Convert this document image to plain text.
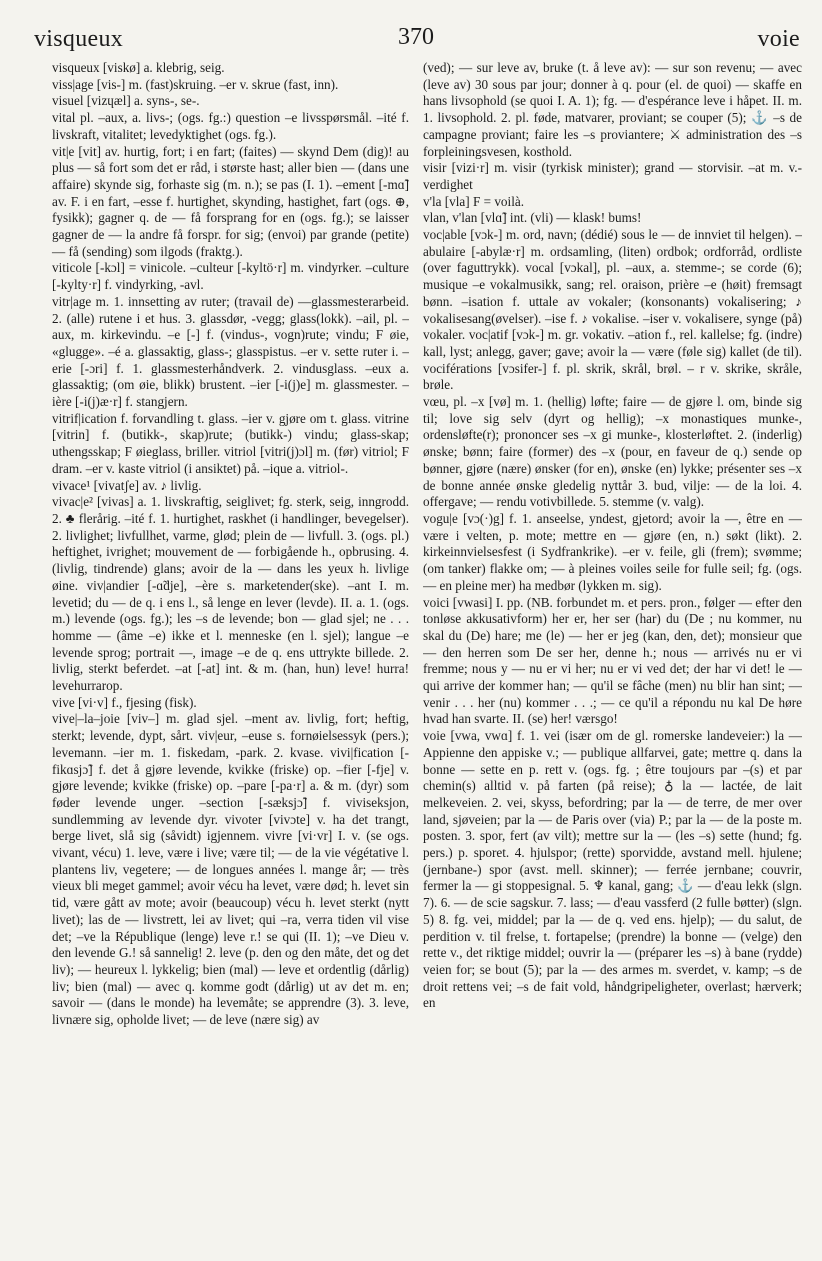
visqueux	370	voie

visqueux [viskø] a. klebrig, seig.

viss|age [vis-] m. (fast)skruing. –er v. skrue (fast, inn).

visuel [vizɥæl] a. syns-, se-.

vital pl. –aux, a. livs-; (ogs. fg.:) question –e livsspørsmål. –ité f. livskraft, vitalitet; levedyktighet (ogs. fg.).

vit|e [vit] av. hurtig, fort; i en fart; (faites) — skynd Dem (dig)! au plus — så fort som det er råd, i største hast; aller bien — (dans une affaire) skynde sig, forhaste sig (m. n.); se pas (I. 1). –ement [-mɑ̃] av. F. i en fart, –esse f. hurtighet, skynding, hastighet, fart (ogs. ⊕, fysikk); gagner q. de — få forsprang for en (ogs. fg.); se laisser gagner de — la andre få forspr. for sig; (envoi) par grande (petite) — få (sending) som ilgods (fraktg.).

viticole [-kɔl] = vinicole. –culteur [-kyltö·r] m. vindyrker. –culture [-kylty·r] f. vindyrking, -avl.

vitr|age m. 1. innsetting av ruter; (travail de) —glassmesterarbeid. 2. (alle) rutene i et hus. 3. glassdør, -vegg; glass(lokk). –ail, pl. –aux, m. kirkevindu. –e [-] f. (vindus-, vogn)rute; vindu; F øie, «glugge». –é a. glassaktig, glass-; glasspistus. –er v. sette ruter i. –erie [-ɔri] f. 1. glassmesterhåndverk. 2. vindusglass. –eux a. glassaktig; (om øie, blikk) brustent. –ier [-i(j)e] m. glassmester. –ière [-i(j)æ·r] f. stangjern.

vitrif|ication f. forvandling t. glass. –ier v. gjøre om t. glass. vitrine [vitrin] f. (butikk-, skap)rute; (butikk-) vindu; glass-skap; uthengsskap; F øieglass, briller. vitriol [vitri(j)ɔl] m. (før) vitriol; F dram. –er v. kaste vitriol (i ansiktet) på. –ique a. vitriol-.

vivace¹ [vivatʃe] av. ♪ livlig.

vivac|e² [vivas] a. 1. livskraftig, seiglivet; fg. sterk, seig, inngrodd. 2. ♣ flerårig. –ité f. 1. hurtighet, raskhet (i handlinger, bevegelser). 2. livlighet; livfullhet, varme, glød; plein de — livfull. 3. (ogs. pl.) heftighet, ivrighet; mouvement de — forbigående h., opbrusing. 4. (livlig, tindrende) glans; avoir de la — dans les yeux h. livlige øine. viv|andier [-ɑ̃dje], –ère s. marketender(ske). –ant I. m. levetid; du — de q. i ens l., så lenge en lever (levde). II. a. 1. (ogs. m.) levende (ogs. fg.); les –s de levende; bon — glad sjel; ne . . . homme — (âme –e) ikke et l. menneske (en l. sjel); langue –e levende sprog; portrait —, image –e de q. ens uttrykte billede. 2. livlig, sterkt beferdet. –at [-at] int. & m. (han, hun) leve! hurra! levehurrarop.

vive [vi·v] f., fjesing (fisk).

vive|–la–joie [viv–] m. glad sjel. –ment av. livlig, fort; heftig, sterkt; levende, dypt, sårt. viv|eur, –euse s. fornøielsessyk (pers.); levemann. –ier m. 1. fiskedam, -park. 2. kvase. vivi|fication [-fikɑsjɔ̃] f. det å gjøre levende, kvikke (friske) op. –fier [-fje] v. gjøre levende; kvikke (friske) op. –pare [-pa·r] a. & m. (dyr) som føder levende unger. –section [-sæksjɔ̃] f. viviseksjon, sundlemming av levende dyr. vivoter [vivɔte] v. ha det trangt, berge livet, slå sig (såvidt) igjennem. vivre [vi·vr] I. v. (se ogs. vivant, vécu) 1. leve, være i live; være til; — de la vie végétative l. plantens liv, vegetere; — de longues années l. mange år; — très vieux bli meget gammel; avoir vécu ha levet, være død; h. levet sin tid, være gått av mote; avoir (beaucoup) vécu h. levet sterkt (nytt livet); las de — livstrett, lei av livet; qui –ra, verra tiden vil vise det; –ve la République (lenge) leve r.! se qui (II. 1); –ve Dieu v. den levende G.! så sannelig! 2. leve (p. den og den måte, det og det liv); — heureux l. lykkelig; bien (mal) — leve et ordentlig (dårlig) liv; bien (mal) — avec q. komme godt (dårlig) ut av det m. en; savoir — (dans le monde) ha levemåte; se apprendre (3). 3. leve, livnære sig, opholde livet; — de leve (nære sig) av

(ved); — sur leve av, bruke (t. å leve av): — sur son revenu; — avec (leve av) 30 sous par jour; donner à q. pour (el. de quoi) — skaffe en hans livsophold (se quoi I. A. 1); fg. — d'espérance leve i håpet. II. m. 1. livsophold. 2. pl. føde, matvarer, proviant; se couper (5); ⚓ –s de campagne proviant; faire les –s proviantere; ⚔ administration des –s forpleiningsvesen, kosthold.

visir [vizi·r] m. visir (tyrkisk minister); grand — storvisir. –at m. v.-verdighet

v'la [vla] F = voilà.

vlan, v'lan [vlɑ̃] int. (vli) — klask! bums!

voc|able [vɔk-] m. ord, navn; (dédié) sous le — de innviet til helgen). –abulaire [-abylæ·r] m. ordsamling, (liten) ordbok; ordforråd, ordliste (over faguttrykk). vocal [vɔkal], pl. –aux, a. stemme-; se corde (6); musique –e vokalmusikk, sang; rel. oraison, prière –e (høit) fremsagt bønn. –isation f. uttale av vokaler; (konsonants) vokalisering; ♪ vokalisesang(øvelser). –ise f. ♪ vokalise. –iser v. vokalisere, synge (på) vokaler. voc|atif [vɔk-] m. gr. vokativ. –ation f., rel. kallelse; fg. (indre) kall, lyst; anlegg, gaver; gave; avoir la — være (føle sig) kallet (de til). vociférations [vɔsifer-] f. pl. skrik, skrål, brøl. – r v. skrike, skråle, brøle.

vœu, pl. –x [vø] m. 1. (hellig) løfte; faire — de gjøre l. om, binde sig til; love sig selv (dyrt og hellig); –x monastiques munke-, ordensløfte(r); prononcer ses –x gi munke-, klosterløftet. 2. (inderlig) ønske; bønn; faire (former) des –x (pour, en faveur de q.) sende op bønner, gjøre (nære) ønsker (for en), ønske (en) lykke; présenter ses –x de bonne année ønske gledelig nyttår 3. bud, vilje: — de la loi. 4. offergave; — rendu votivbillede. 5. stemme (v. valg).

vogu|e [vɔ(·)g] f. 1. anseelse, yndest, gjetord; avoir la —, être en — være i velten, p. mote; mettre en — gjøre (en, n.) søkt (likt). 2. kirkeinnvielsesfest (i Sydfrankrike). –er v. feile, gli (frem); svømme; (om tanker) flakke om; — à pleines voiles seile for fulle seil; fg. (ogs. — en pleine mer) ha medbør (lykken m. sig).

voici [vwasi] I. pp. (NB. forbundet m. et pers. pron., følger — efter den tonløse akkusativform) her er, her ser (har) du (De ; nu kommer, nu skal du (De) hare; me (le) — her er jeg (kan, den, det); monsieur que — den herren som De ser her, denne h.; nous — arrivés nu er vi fremme; nous y — nu er vi her; nu er vi ved det; der har vi det! le — qui arrive der kommer han; — qu'il se fâche (men) nu blir han sint; — venir . . . her (nu) kommer . . .; — ce qu'il a répondu nu kal De høre hvad han svarte. II. (se) her! værsgo!

voie [vwa, vwɑ] f. 1. vei (især om de gl. romerske landeveier:) la — Appienne den appiske v.; — publique allfarvei, gate; mettre q. dans la bonne — sette en p. rett v. (ogs. fg. ; être toujours par –(s) et par chemin(s) alltid v. på farten (på reise); ♁ la — lactée, de lait melkeveien. 2. vei, skyss, befordring; par la — de terre, de mer over land, sjøveien; par la — de Paris over (via) P.; par la — de la poste m. posten. 3. spor, fert (av vilt); mettre sur la — (les –s) sette (hund; fg. pers.) p. sporet. 4. hjulspor; (rette) sporvidde, avstand mell. hjulene; (jernbane-) spor (avst. mell. skinner); — ferrée jernbane; couvrir, fermer la — gi stoppesignal. 5. ♆ kanal, gang; ⚓ — d'eau lekk (slgn. 7). 6. — de scie sagskur. 7. lass; — d'eau vassferd (2 fulle bøtter) (slgn. 5) 8. fg. vei, middel; par la — de q. ved ens. hjelp); — du salut, de perdition v. til frelse, t. fortapelse; (prendre) la bonne — (velge) den rette v., det riktige middel; ouvrir la — (préparer les –s) à bane (rydde) veien for; se bout (5); par la — des armes m. sverdet, v. kamp; –s de droit rettens vei; –s de fait vold, håndgripeligheter, overlast; hærverk; en
